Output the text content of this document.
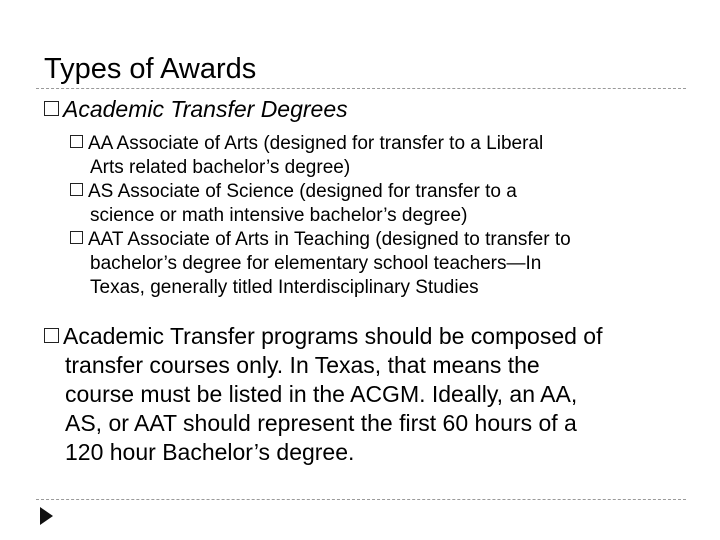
Types of Awards
Academic Transfer Degrees
AA Associate of Arts (designed for transfer to a Liberal
Arts related bachelor’s degree)
AS Associate of Science (designed for transfer to a
science or math intensive bachelor’s degree)
AAT Associate of Arts in Teaching (designed to transfer to
bachelor’s degree for elementary school teachers—In
Texas, generally titled Interdisciplinary Studies
Academic Transfer programs should be composed of
transfer courses only. In Texas, that means the
course must be listed in the ACGM. Ideally, an AA,
AS, or AAT should represent the first 60 hours of a
120 hour Bachelor’s degree.
